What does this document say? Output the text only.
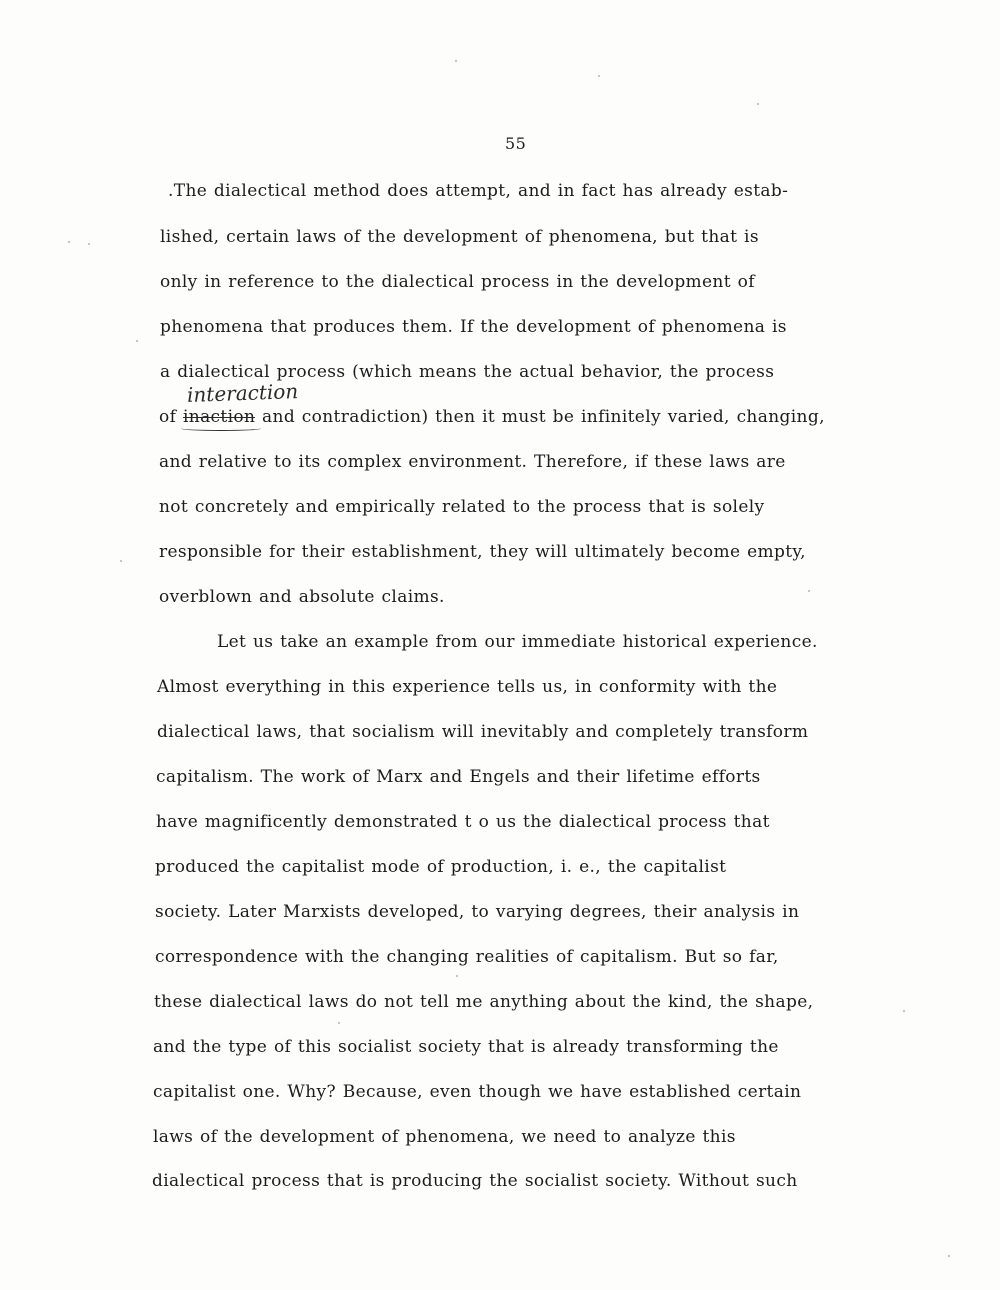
55
.The dialectical method does attempt, and in fact has already estab-
lished, certain laws of the development of phenomena, but that is
only in reference to the dialectical process in the development of
phenomena that produces them. If the development of phenomena is
a dialectical process (which means the actual behavior, the process
interaction
of inaction and contradiction) then it must be infinitely varied, changing,
and relative to its complex environment. Therefore, if these laws are
not concretely and empirically related to the process that is solely
responsible for their establishment, they will ultimately become empty,
overblown and absolute claims.
Let us take an example from our immediate historical experience.
Almost everything in this experience tells us, in conformity with the
dialectical laws, that socialism will inevitably and completely transform
capitalism. The work of Marx and Engels and their lifetime efforts
have magnificently demonstrated t o us the dialectical process that
produced the capitalist mode of production, i. e., the capitalist
society. Later Marxists developed, to varying degrees, their analysis in
correspondence with the changing realities of capitalism. But so far,
these dialectical laws do not tell me anything about the kind, the shape,
and the type of this socialist society that is already transforming the
capitalist one. Why? Because, even though we have established certain
laws of the development of phenomena, we need to analyze this
dialectical process that is producing the socialist society. Without such
